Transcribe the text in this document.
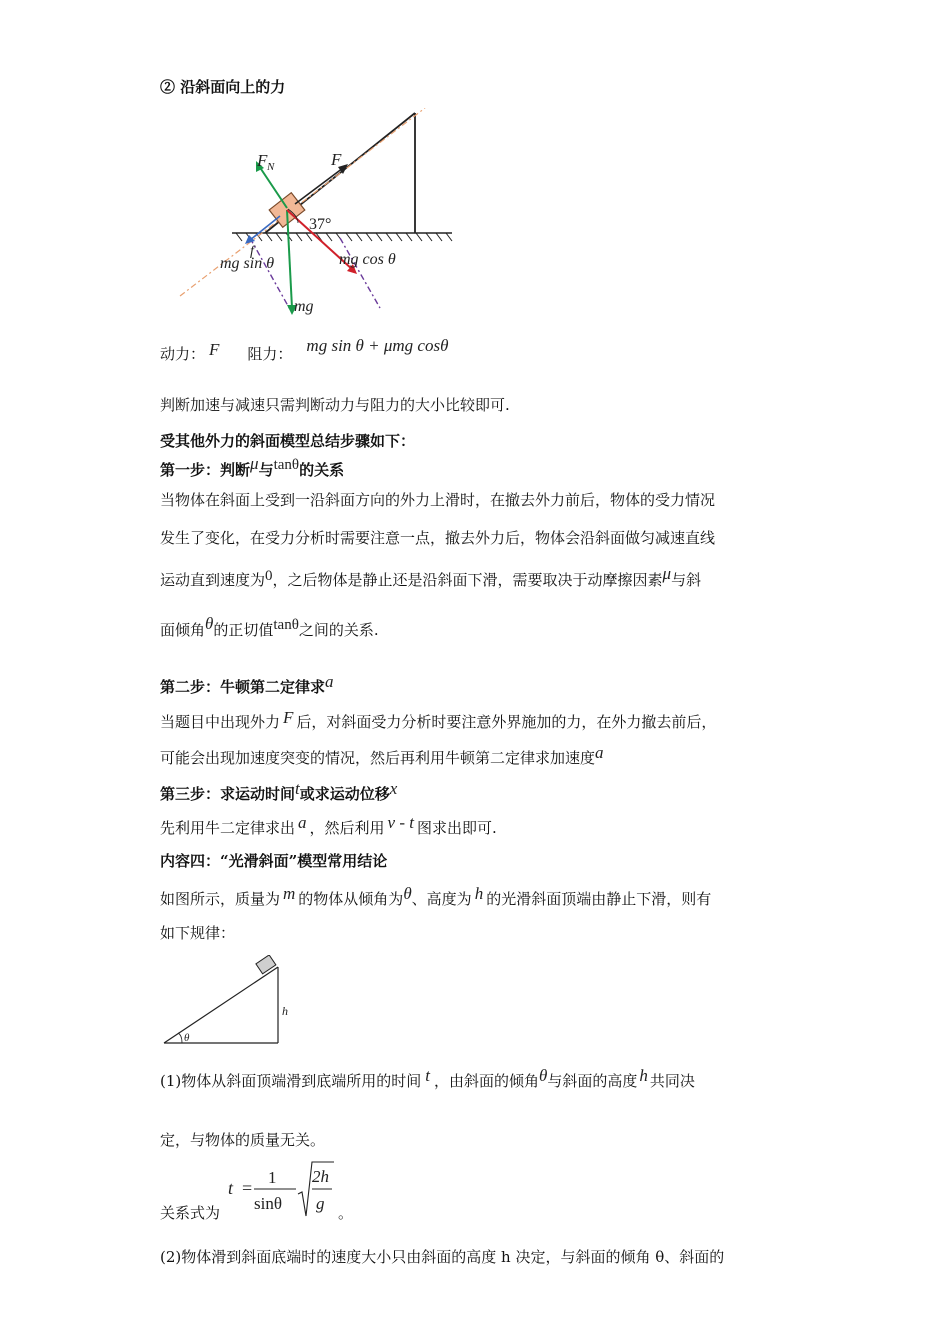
② 沿斜面向上的力
F N	F
37°
f
mg sin θ	mg cos θ
mg
动力： F 阻力： mg sin θ + μmg cosθ
判断加速与减速只需判断动力与阻力的大小比较即可.
受其他外力的斜面模型总结步骤如下：
第一步：判断μ与tanθ的关系
当物体在斜面上受到一沿斜面方向的外力上滑时，在撤去外力前后，物体的受力情况
发生了变化，在受力分析时需要注意一点，撤去外力后，物体会沿斜面做匀减速直线
运动直到速度为0，之后物体是静止还是沿斜面下滑，需要取决于动摩擦因素μ与斜
面倾角θ的正切值tanθ之间的关系.
第二步：牛顿第二定律求a
当题目中出现外力 F 后，对斜面受力分析时要注意外界施加的力，在外力撤去前后，
可能会出现加速度突变的情况，然后再利用牛顿第二定律求加速度a
第三步：求运动时间t或求运动位移x
先利用牛二定律求出 a ，然后利用 v - t 图求出即可.
内容四：“光滑斜面”模型常用结论
如图所示，质量为 m 的物体从倾角为θ、高度为 h 的光滑斜面顶端由静止下滑，则有
如下规律：
h
θ
(1)物体从斜面顶端滑到底端所用的时间 t ，由斜面的倾角θ与斜面的高度 h 共同决
定，与物体的质量无关。
关系式为
t =
1
sinθ
2h
g 。
(2)物体滑到斜面底端时的速度大小只由斜面的高度 h 决定，与斜面的倾角 θ、斜面的
